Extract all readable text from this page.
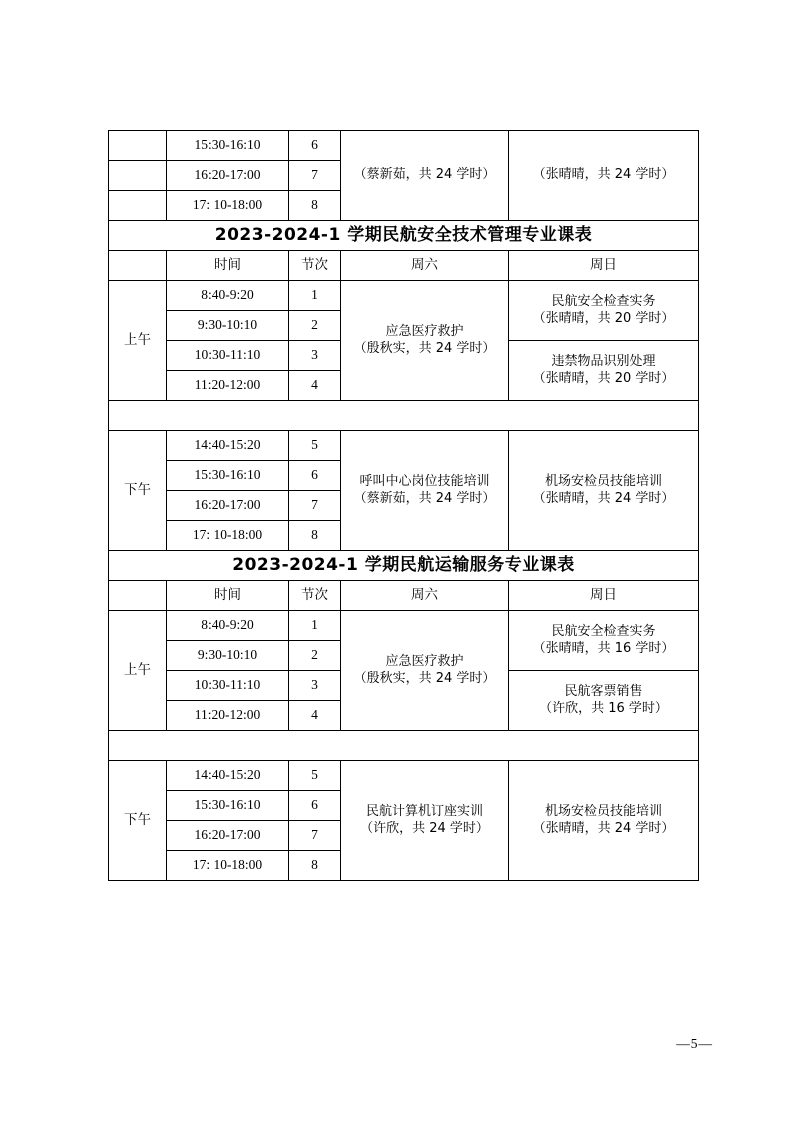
	15:30-16:10	6	（蔡新茹，共 24 学时）	（张晴晴，共 24 学时）

	16:20-17:00	7		
	17: 10-18:00	8		
2023-2024-1 学期民航安全技术管理专业课表				
	时间	节次	周六	周日
上午	8:40-9:20	1	应急医疗救护
（殷秋实，共 24 学时）	民航安全检查实务
（张晴晴，共 20 学时）

	9:30-10:10	2		
	10:30-11:10	3		违禁物品识别处理
（张晴晴，共 20 学时）

	11:20-12:00	4		

下午	14:40-15:20	5	呼叫中心岗位技能培训
（蔡新茹，共 24 学时）	机场安检员技能培训
（张晴晴，共 24 学时）

	15:30-16:10	6		
	16:20-17:00	7		
	17: 10-18:00	8		
2023-2024-1 学期民航运输服务专业课表				
	时间	节次	周六	周日
上午	8:40-9:20	1	应急医疗救护
（殷秋实，共 24 学时）	民航安全检查实务
（张晴晴，共 16 学时）

	9:30-10:10	2		
	10:30-11:10	3		民航客票销售
（许欣，共 16 学时）

	11:20-12:00	4		

下午	14:40-15:20	5	民航计算机订座实训
（许欣，共 24 学时）	机场安检员技能培训
（张晴晴，共 24 学时）

	15:30-16:10	6		
	16:20-17:00	7		
	17: 10-18:00	8		
—5—
